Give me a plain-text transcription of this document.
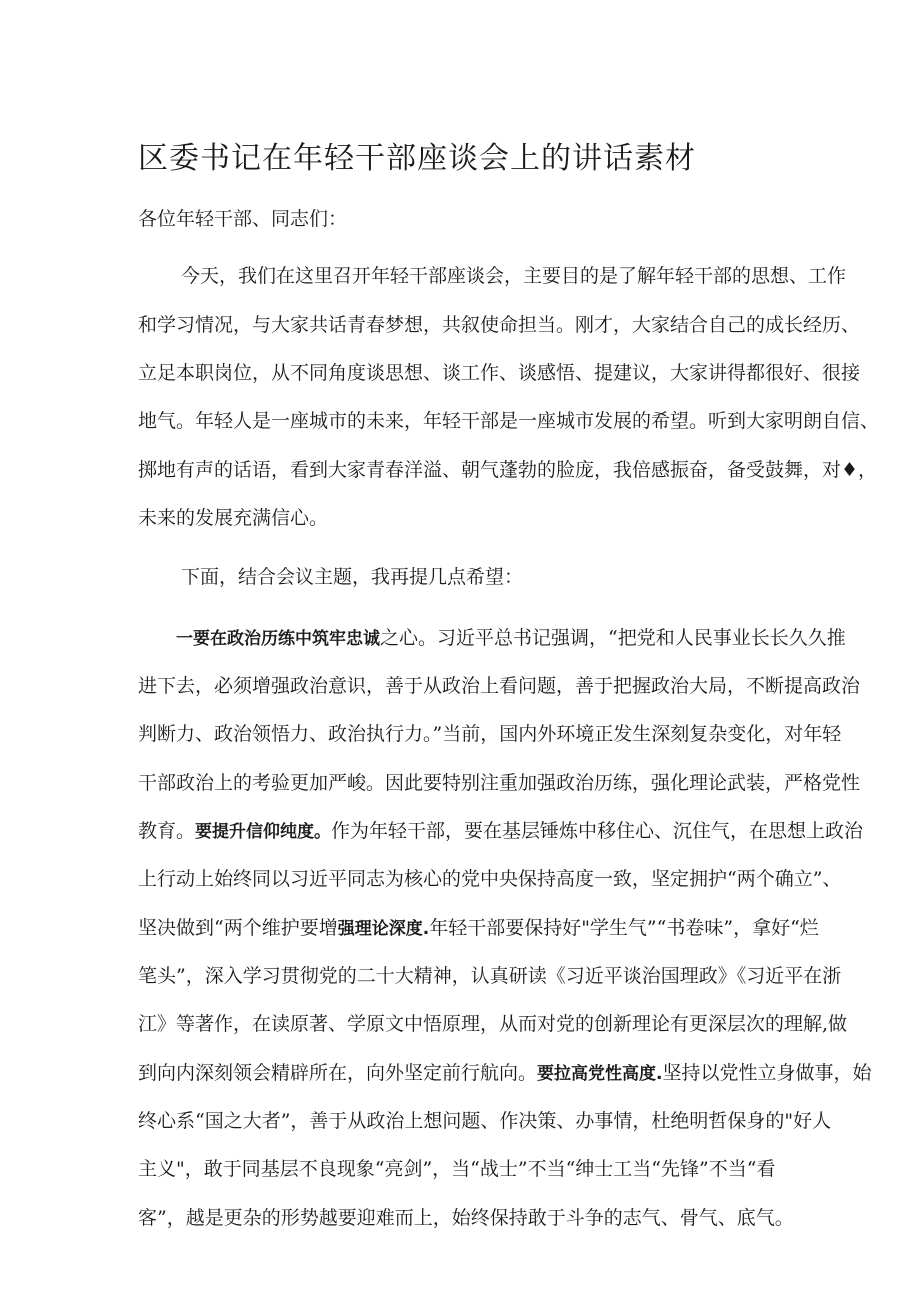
区委书记在年轻干部座谈会上的讲话素材

各位年轻干部、同志们：

今天，我们在这里召开年轻干部座谈会，主要目的是了解年轻干部的思想、工作

和学习情况，与大家共话青春梦想，共叙使命担当。刚才，大家结合自己的成长经历、

立足本职岗位，从不同角度谈思想、谈工作、谈感悟、提建议，大家讲得都很好、很接

地气。年轻人是一座城市的未来，年轻干部是一座城市发展的希望。听到大家明朗自信、

掷地有声的话语，看到大家青春洋溢、朝气蓬勃的脸庞，我倍感振奋，备受鼓舞，对♦，

未来的发展充满信心。

下面，结合会议主题，我再提几点希望：

一要在政治历练中筑牢忠诚之心。习近平总书记强调，“把党和人民事业长长久久推

进下去，必须增强政治意识，善于从政治上看问题，善于把握政治大局，不断提高政治

判断力、政治领悟力、政治执行力。”当前，国内外环境正发生深刻复杂变化，对年轻

干部政治上的考验更加严峻。因此要特别注重加强政治历练，强化理论武装，严格党性

教育。要提升信仰纯度。作为年轻干部，要在基层锤炼中移住心、沉住气，在思想上政治

上行动上始终同以习近平同志为核心的党中央保持高度一致，坚定拥护“两个确立”、

坚决做到“两个维护要增强理论深度.年轻干部要保持好"学生气”“书卷味”，拿好“烂

笔头”，深入学习贯彻党的二十大精神，认真研读《习近平谈治国理政》《习近平在浙

江》等著作，在读原著、学原文中悟原理，从而对党的创新理论有更深层次的理解,做

到向内深刻领会精辟所在，向外坚定前行航向。要拉高党性高度.坚持以党性立身做事，始

终心系“国之大者”，善于从政治上想问题、作决策、办事情，杜绝明哲保身的"好人

主义"，敢于同基层不良现象“亮剑”，当“战士”不当“绅士工当“先锋”不当“看

客”，越是更杂的形势越要迎难而上，始终保持敢于斗争的志气、骨气、底气。
